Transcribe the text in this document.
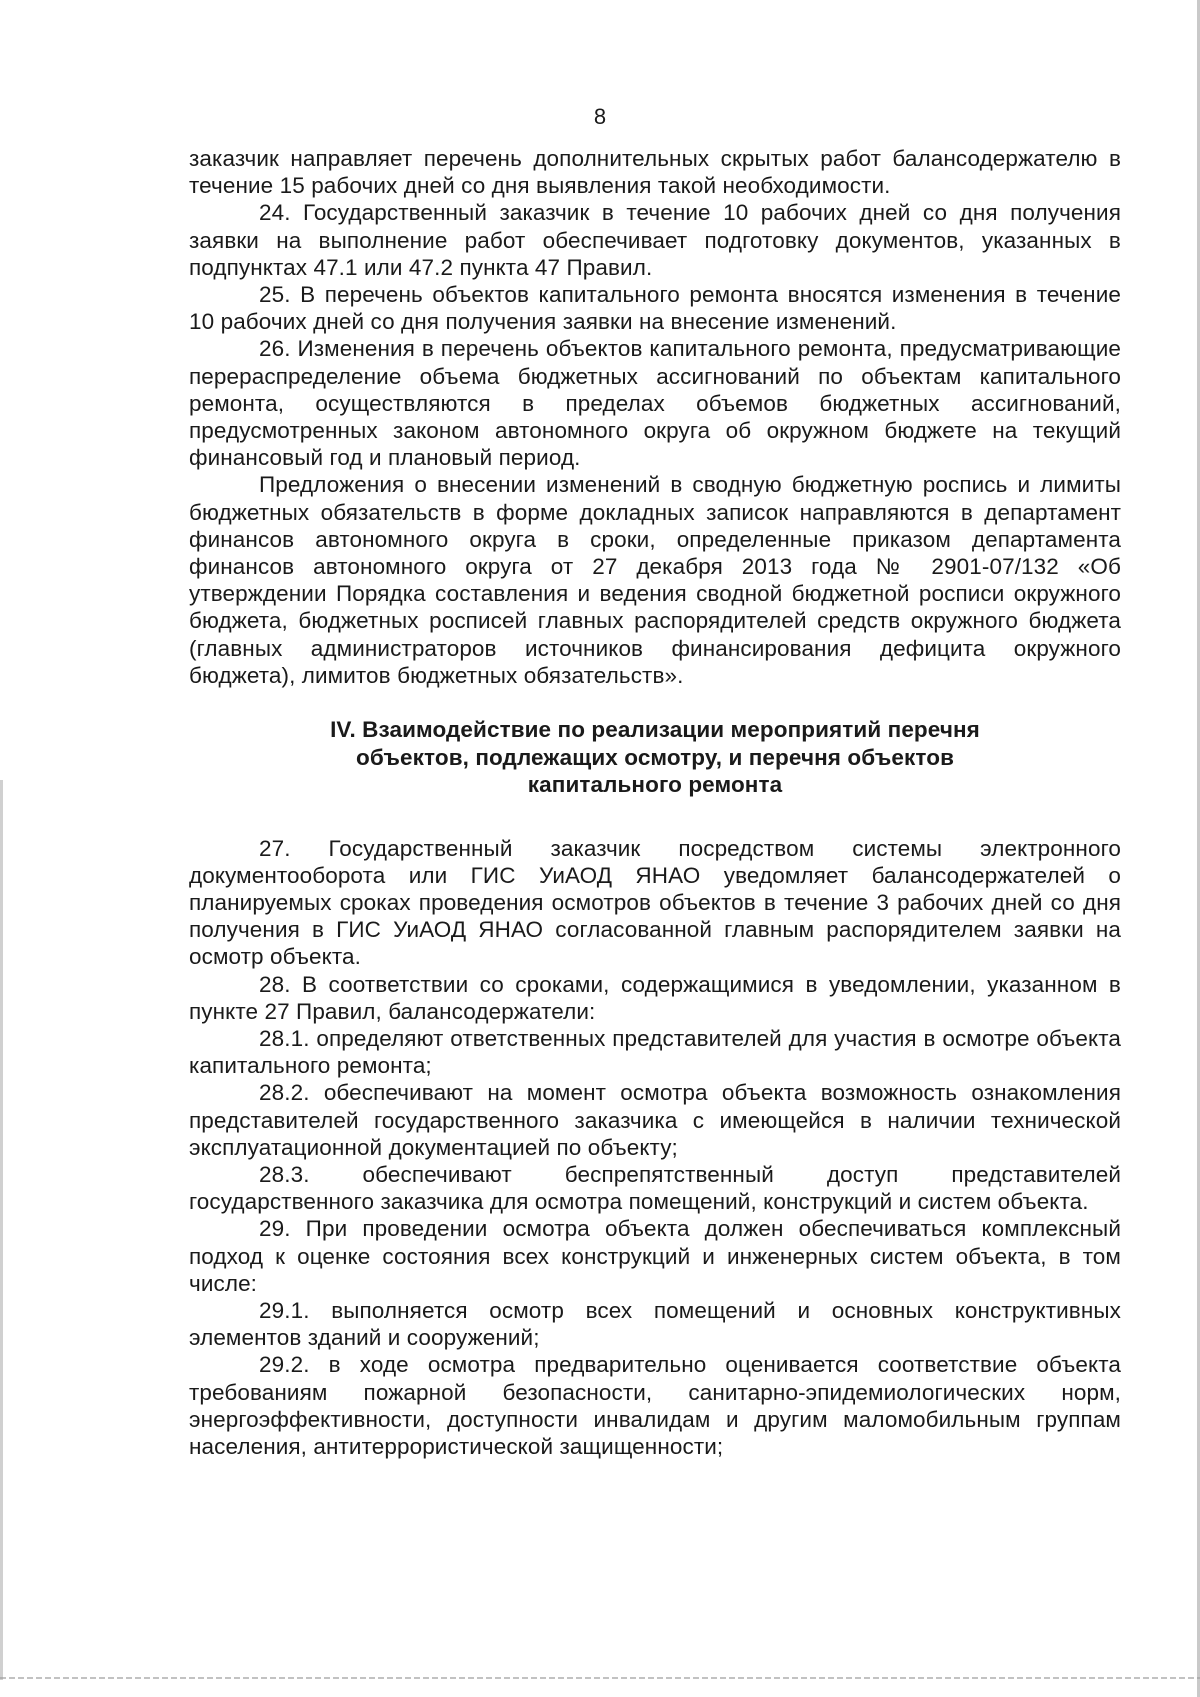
8

заказчик направляет перечень дополнительных скрытых работ балансодержателю в течение 15 рабочих дней со дня выявления такой необходимости.

24. Государственный заказчик в течение 10 рабочих дней со дня получения заявки на выполнение работ обеспечивает подготовку документов, указанных в подпунктах 47.1 или 47.2 пункта 47 Правил.

25. В перечень объектов капитального ремонта вносятся изменения в течение 10 рабочих дней со дня получения заявки на внесение изменений.

26. Изменения в перечень объектов капитального ремонта, предусматривающие перераспределение объема бюджетных ассигнований по объектам капитального ремонта, осуществляются в пределах объемов бюджетных ассигнований, предусмотренных законом автономного округа об окружном бюджете на текущий финансовый год и плановый период.

Предложения о внесении изменений в сводную бюджетную роспись и лимиты бюджетных обязательств в форме докладных записок направляются в департамент финансов автономного округа в сроки, определенные приказом департамента финансов автономного округа от 27 декабря 2013 года № 2901-07/132 «Об утверждении Порядка составления и ведения сводной бюджетной росписи окружного бюджета, бюджетных росписей главных распорядителей средств окружного бюджета (главных администраторов источников финансирования дефицита окружного бюджета), лимитов бюджетных обязательств».

IV. Взаимодействие по реализации мероприятий перечня объектов, подлежащих осмотру, и перечня объектов капитального ремонта

27. Государственный заказчик посредством системы электронного документооборота или ГИС УиАОД ЯНАО уведомляет балансодержателей о планируемых сроках проведения осмотров объектов в течение 3 рабочих дней со дня получения в ГИС УиАОД ЯНАО согласованной главным распорядителем заявки на осмотр объекта.

28. В соответствии со сроками, содержащимися в уведомлении, указанном в пункте 27 Правил, балансодержатели:

28.1. определяют ответственных представителей для участия в осмотре объекта капитального ремонта;

28.2. обеспечивают на момент осмотра объекта возможность ознакомления представителей государственного заказчика с имеющейся в наличии технической эксплуатационной документацией по объекту;

28.3. обеспечивают беспрепятственный доступ представителей государственного заказчика для осмотра помещений, конструкций и систем объекта.

29. При проведении осмотра объекта должен обеспечиваться комплексный подход к оценке состояния всех конструкций и инженерных систем объекта, в том числе:

29.1. выполняется осмотр всех помещений и основных конструктивных элементов зданий и сооружений;

29.2. в ходе осмотра предварительно оценивается соответствие объекта требованиям пожарной безопасности, санитарно-эпидемиологических норм, энергоэффективности, доступности инвалидам и другим маломобильным группам населения, антитеррористической защищенности;
